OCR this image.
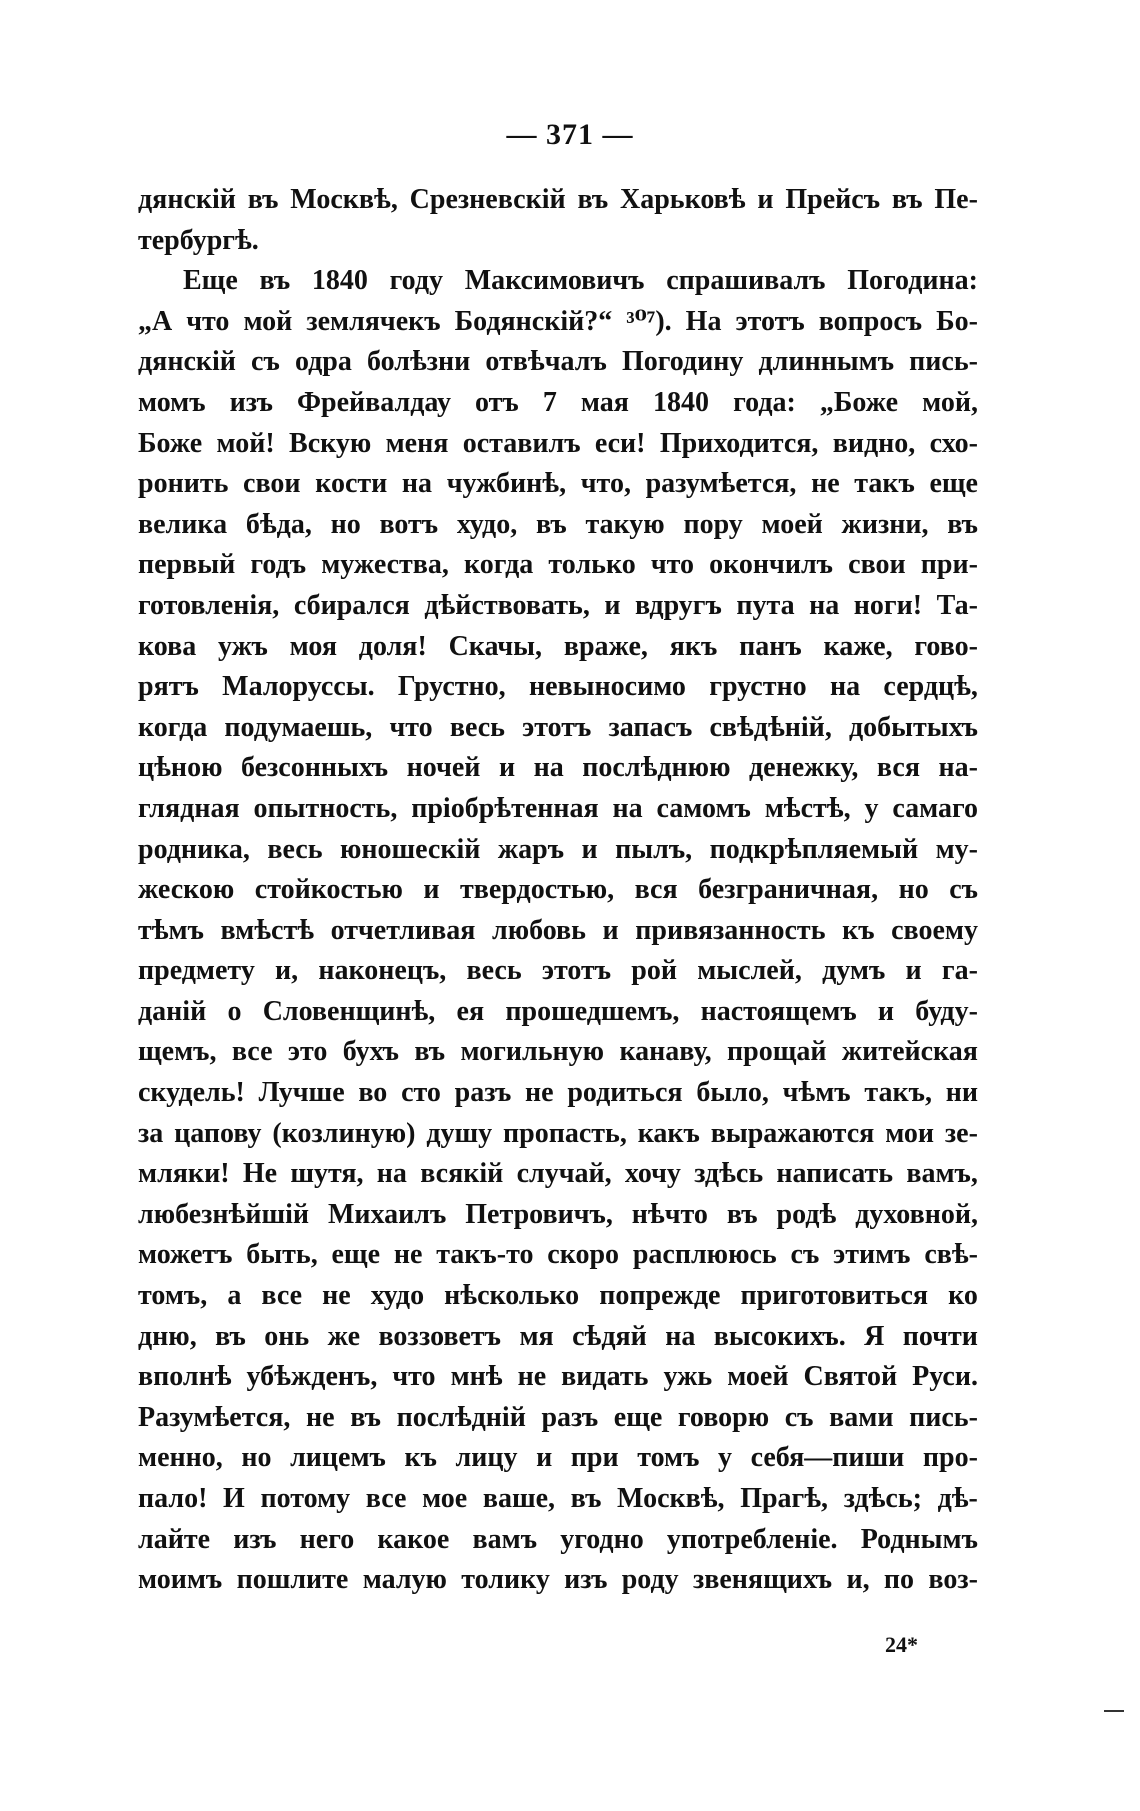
— 371 —
дянскій въ Москвѣ, Срезневскій въ Харьковѣ и Прейсъ въ Пе-
тербургѣ.
Еще въ 1840 году Максимовичъ спрашивалъ Погодина:
„А что мой землячекъ Бодянскій?“ ³⁰⁷). На этотъ вопросъ Бо-
дянскій съ одра болѣзни отвѣчалъ Погодину длиннымъ пись-
момъ изъ Фрейвалдау отъ 7 мая 1840 года: „Боже мой,
Боже мой! Вскую меня оставилъ еси! Приходится, видно, схо-
ронить свои кости на чужбинѣ, что, разумѣется, не такъ еще
велика бѣда, но вотъ худо, въ такую пору моей жизни, въ
первый годъ мужества, когда только что окончилъ свои при-
готовленія, сбирался дѣйствовать, и вдругъ пута на ноги! Та-
кова ужъ моя доля! Скачы, враже, якъ панъ каже, гово-
рятъ Малоруссы. Грустно, невыносимо грустно на сердцѣ,
когда подумаешь, что весь этотъ запасъ свѣдѣній, добытыхъ
цѣною безсонныхъ ночей и на послѣднюю денежку, вся на-
глядная опытность, пріобрѣтенная на самомъ мѣстѣ, у самаго
родника, весь юношескій жаръ и пылъ, подкрѣпляемый му-
жескою стойкостью и твердостью, вся безграничная, но съ
тѣмъ вмѣстѣ отчетливая любовь и привязанность къ своему
предмету и, наконецъ, весь этотъ рой мыслей, думъ и га-
даній о Словенщинѣ, ея прошедшемъ, настоящемъ и буду-
щемъ, все это бухъ въ могильную канаву, прощай житейская
скудель! Лучше во сто разъ не родиться было, чѣмъ такъ, ни
за цапову (козлиную) душу пропасть, какъ выражаются мои зе-
мляки! Не шутя, на всякій случай, хочу здѣсь написать вамъ,
любезнѣйшій Михаилъ Петровичъ, нѣчто въ родѣ духовной,
можетъ быть, еще не такъ-то скоро расплююсь съ этимъ свѣ-
томъ, а все не худо нѣсколько попрежде приготовиться ко
дню, въ онь же воззоветъ мя сѣдяй на высокихъ. Я почти
вполнѣ убѣжденъ, что мнѣ не видать ужь моей Святой Руси.
Разумѣется, не въ послѣдній разъ еще говорю съ вами пись-
менно, но лицемъ къ лицу и при томъ у себя—пиши про-
пало! И потому все мое ваше, въ Москвѣ, Прагѣ, здѣсь; дѣ-
лайте изъ него какое вамъ угодно употребленіе. Роднымъ
моимъ пошлите малую толику изъ роду звенящихъ и, по воз-
24*
